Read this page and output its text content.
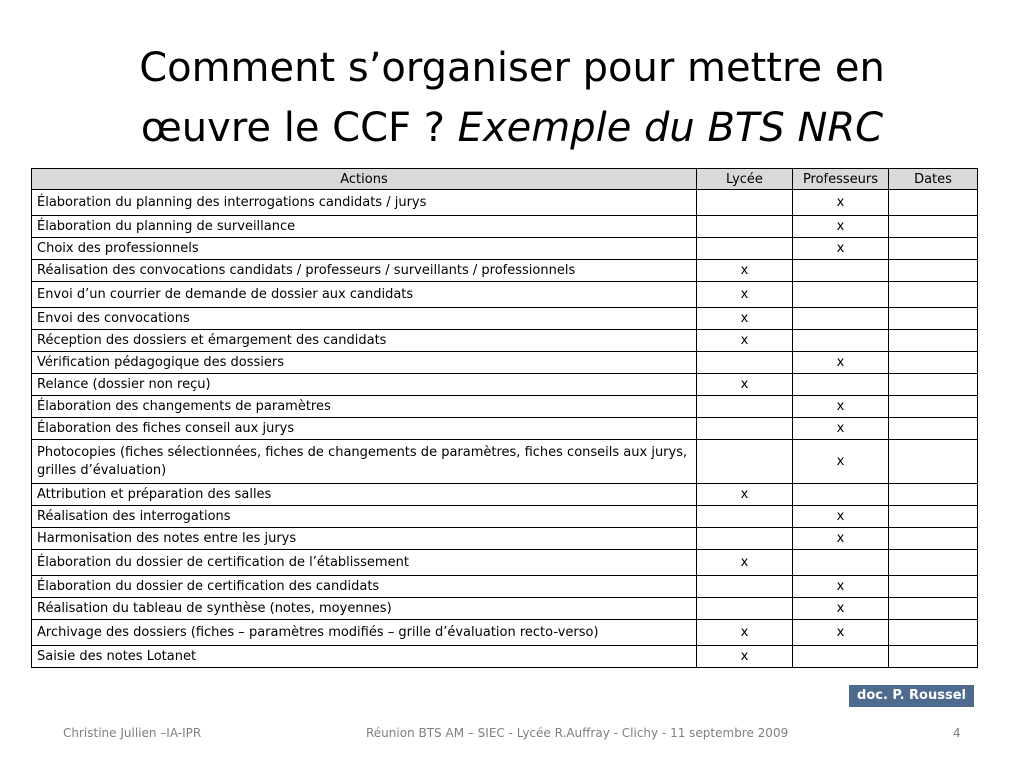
Comment s’organiser pour mettre en
œuvre le CCF ? Exemple du BTS NRC
Actions	Lycée	Professeurs	Dates
Élaboration du planning des interrogations candidats / jurys		x	
Élaboration du planning de surveillance		x	
Choix des professionnels		x	
Réalisation des convocations candidats / professeurs / surveillants / professionnels	x		
Envoi d’un courrier de demande de dossier aux candidats	x		
Envoi des convocations	x		
Réception des dossiers et émargement des candidats	x		
Vérification pédagogique des dossiers		x	
Relance (dossier non reçu)	x		
Élaboration des changements de paramètres		x	
Élaboration des fiches conseil aux jurys		x	
Photocopies (fiches sélectionnées, fiches de changements de paramètres, fiches conseils aux jurys, grilles d’évaluation)		x	
Attribution et préparation des salles	x		
Réalisation des interrogations		x	
Harmonisation des notes entre les jurys		x	
Élaboration du dossier de certification de l’établissement	x		
Élaboration du dossier de certification des candidats		x	
Réalisation du tableau de synthèse (notes, moyennes)		x	
Archivage des dossiers (fiches – paramètres modifiés – grille d’évaluation recto-verso)	x	x	
Saisie des notes Lotanet	x		
doc. P. Roussel
Christine Jullien –IA-IPR	Réunion BTS AM – SIEC - Lycée R.Auffray - Clichy - 11 septembre 2009	4
